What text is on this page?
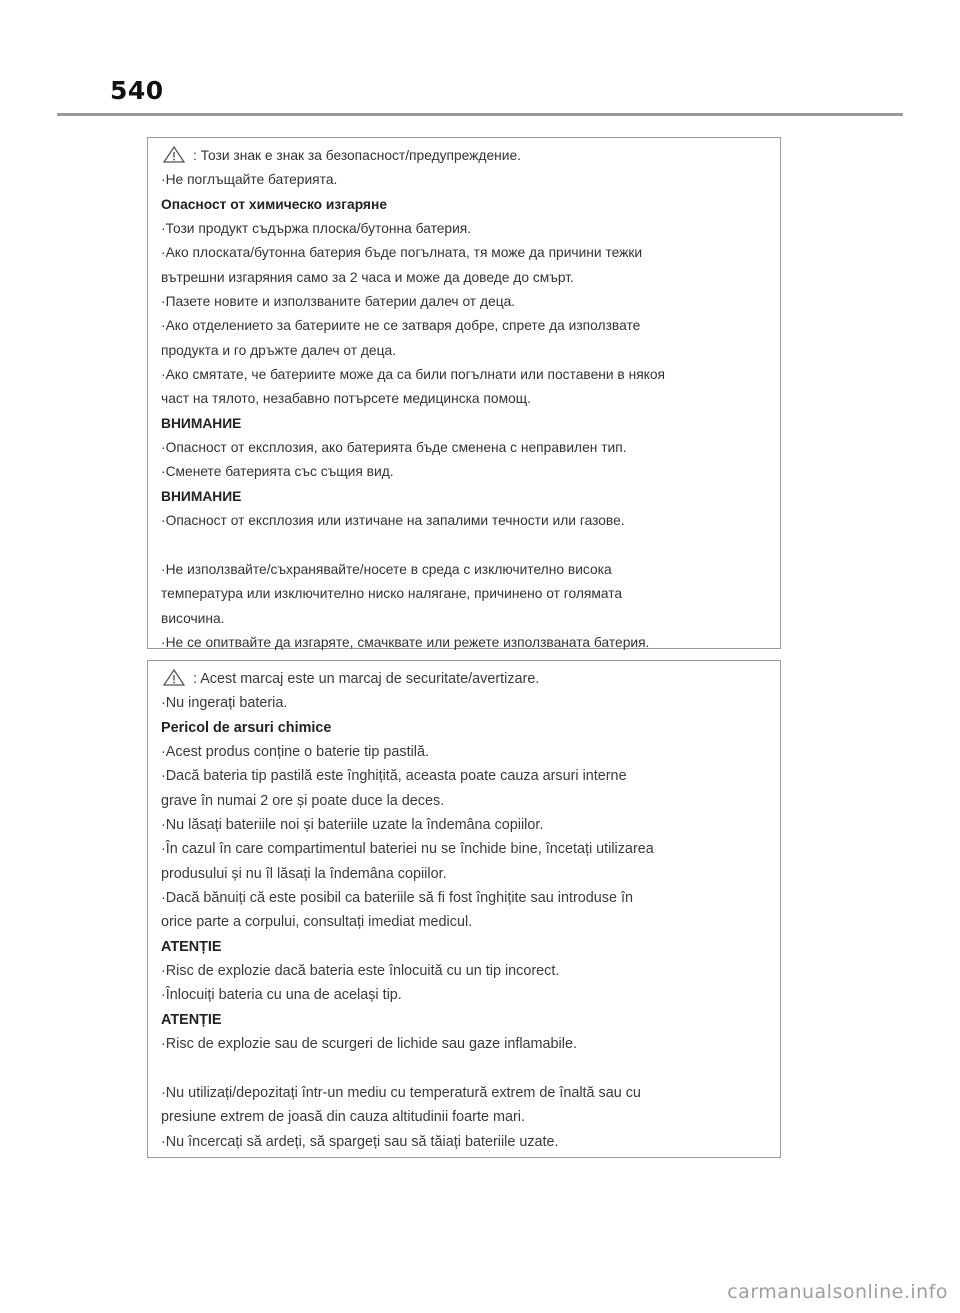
540
: Този знак е знак за безопасност/предупреждение.
·Не поглъщайте батерията.
Опасност от химическо изгаряне
·Този продукт съдържа плоска/бутонна батерия.
·Ако плоската/бутонна батерия бъде погълната, тя може да причини тежки
вътрешни изгаряния само за 2 часа и може да доведе до смърт.
·Пазете новите и използваните батерии далеч от деца.
·Ако отделението за батериите не се затваря добре, спрете да използвате
продукта и го дръжте далеч от деца.
·Ако смятате, че батериите може да са били погълнати или поставени в някоя
част на тялото, незабавно потърсете медицинска помощ.
ВНИМАНИЕ
·Опасност от експлозия, ако батерията бъде сменена с неправилен тип.
·Сменете батерията със същия вид.
ВНИМАНИЕ
·Опасност от експлозия или изтичане на запалими течности или газове.
·Не използвайте/съхранявайте/носете в среда с изключително висока
температура или изключително ниско налягане, причинено от голямата
височина.
·Не се опитвайте да изгаряте, смачквате или режете използваната батерия.
: Acest marcaj este un marcaj de securitate/avertizare.
·Nu ingerați bateria.
Pericol de arsuri chimice
·Acest produs conține o baterie tip pastilă.
·Dacă bateria tip pastilă este înghițită, aceasta poate cauza arsuri interne
grave în numai 2 ore și poate duce la deces.
·Nu lăsați bateriile noi și bateriile uzate la îndemâna copiilor.
·În cazul în care compartimentul bateriei nu se închide bine, încetați utilizarea
produsului și nu îl lăsați la îndemâna copiilor.
·Dacă bănuiți că este posibil ca bateriile să fi fost înghițite sau introduse în
orice parte a corpului, consultați imediat medicul.
ATENȚIE
·Risc de explozie dacă bateria este înlocuită cu un tip incorect.
·Înlocuiți bateria cu una de același tip.
ATENȚIE
·Risc de explozie sau de scurgeri de lichide sau gaze inflamabile.
·Nu utilizați/depozitați într-un mediu cu temperatură extrem de înaltă sau cu
presiune extrem de joasă din cauza altitudinii foarte mari.
·Nu încercați să ardeți, să spargeți sau să tăiați bateriile uzate.
carmanualsonline.info
